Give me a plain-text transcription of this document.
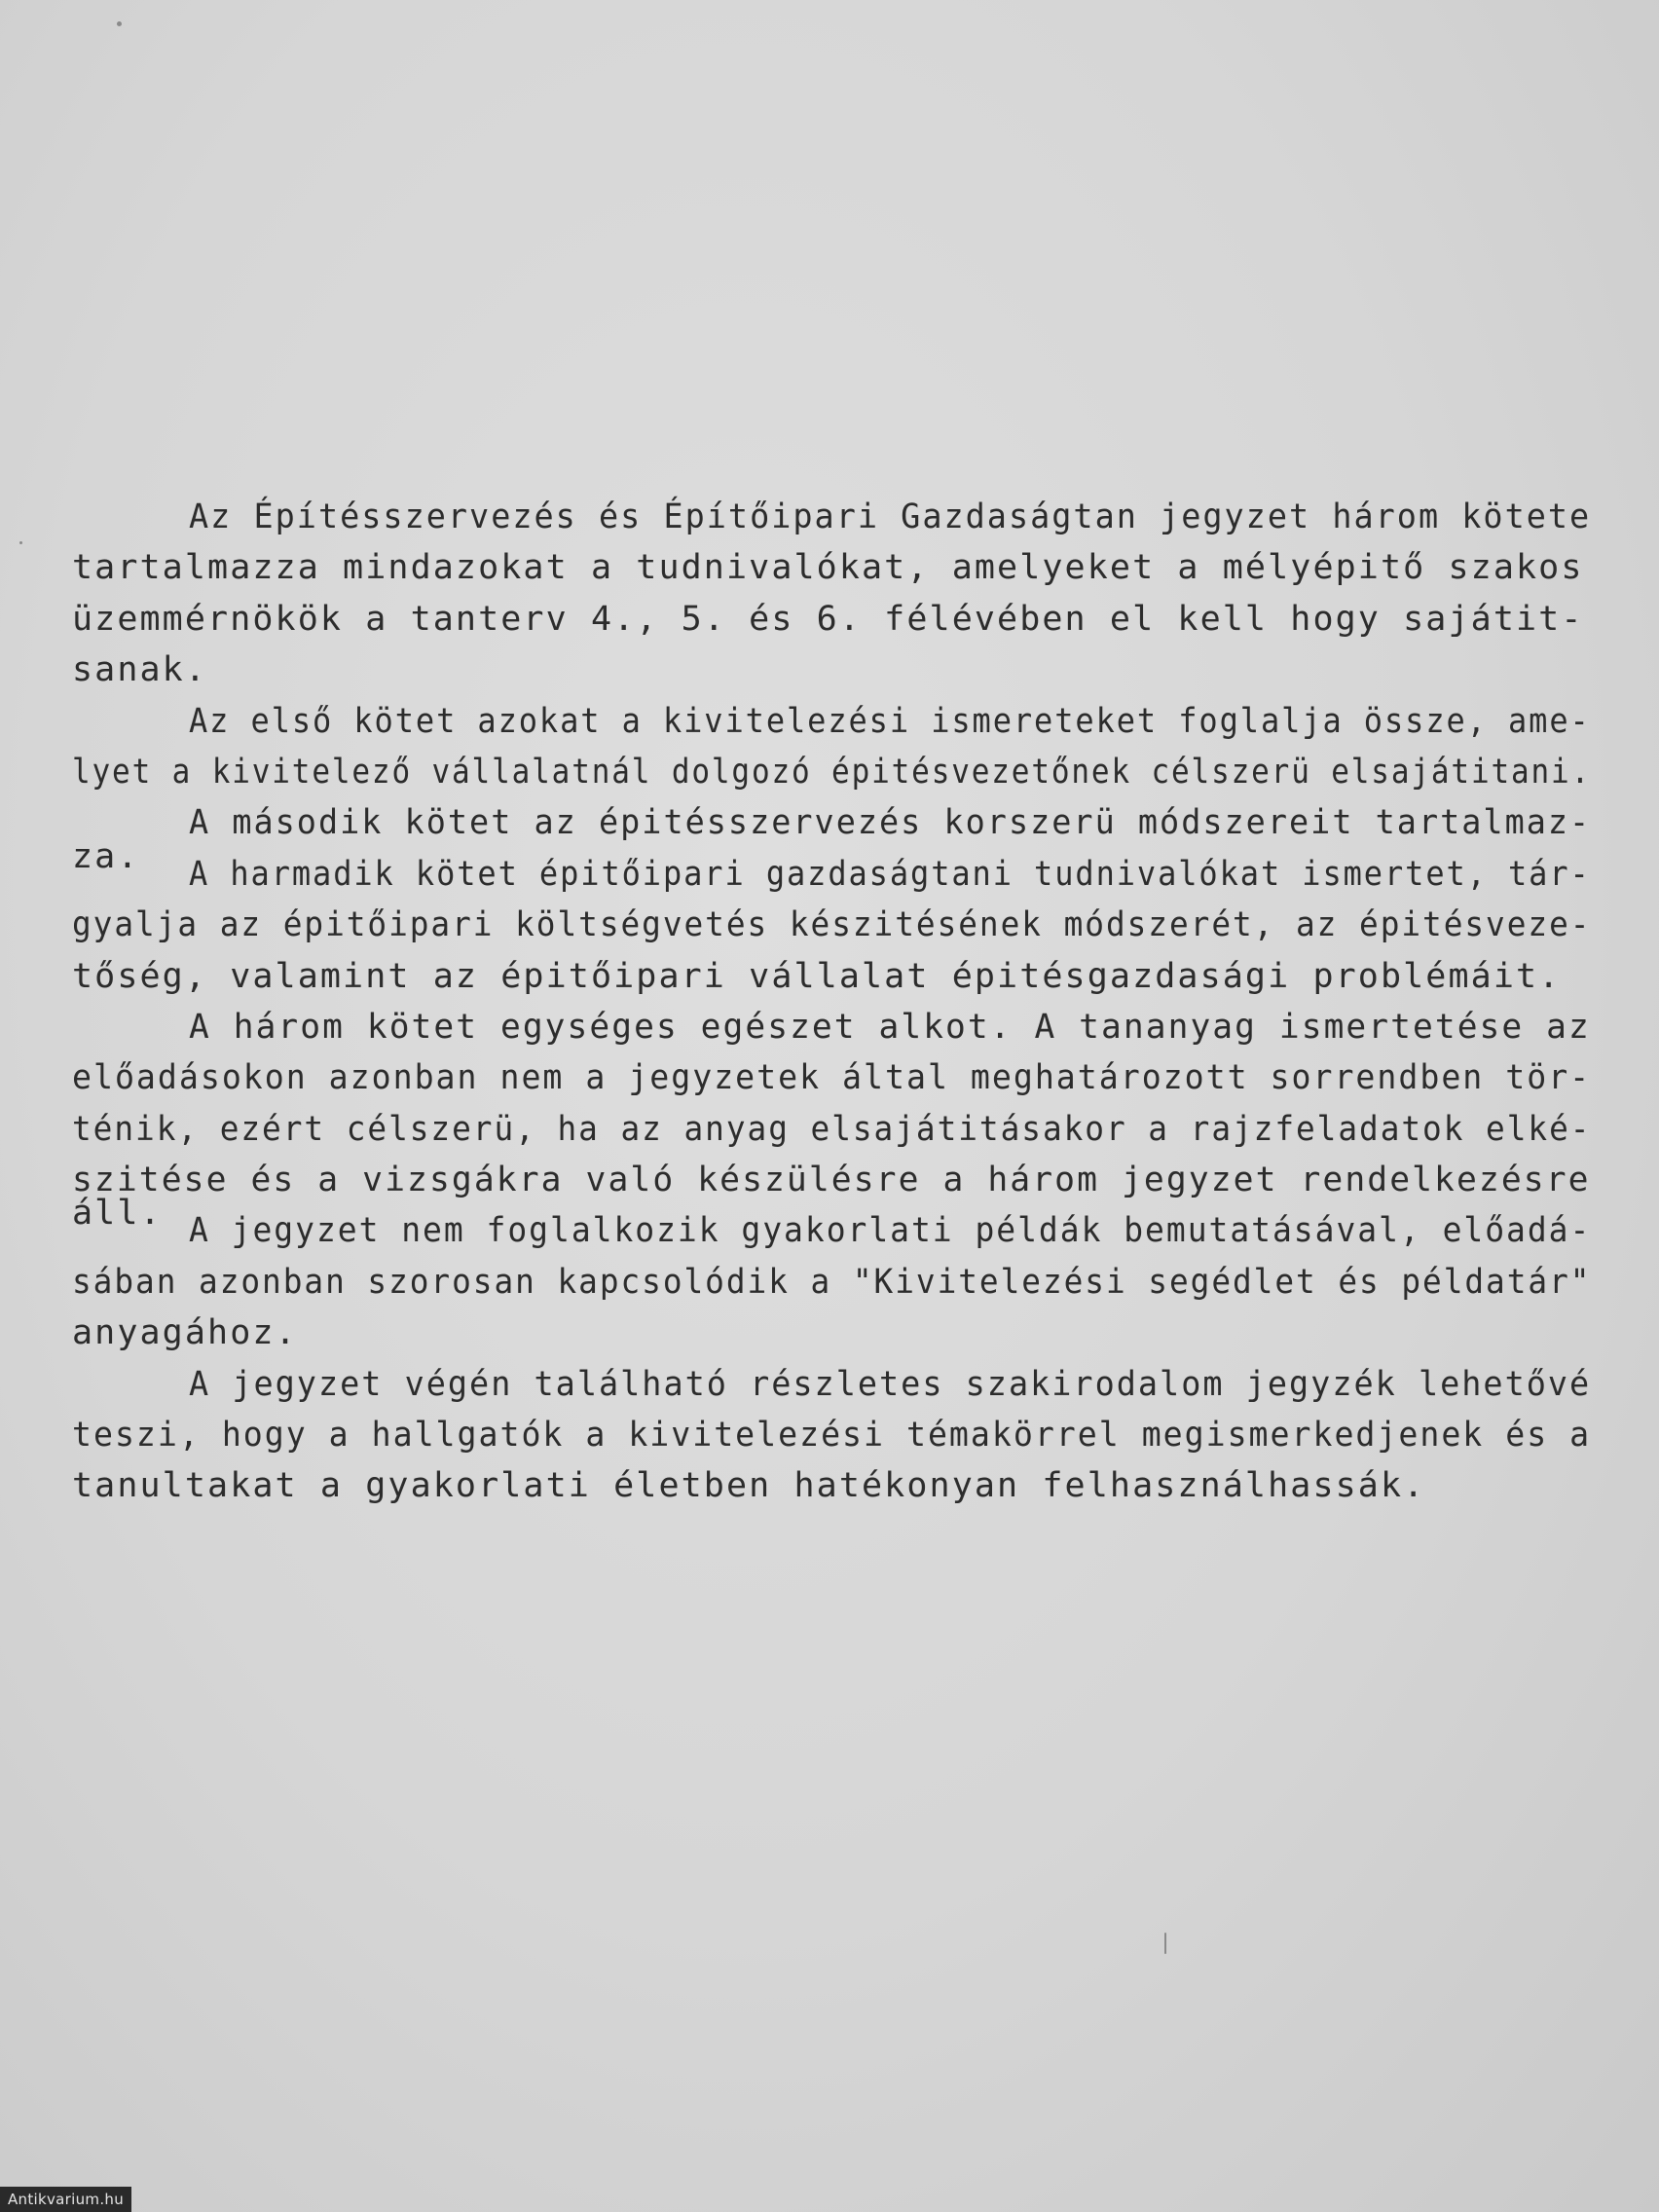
Az Építésszervezés és Építőipari Gazdaságtan jegyzet három kötete
tartalmazza mindazokat a tudnivalókat, amelyeket a mélyépitő szakos
üzemmérnökök a tanterv 4., 5. és 6. félévében el kell hogy sajátit-
sanak.
Az első kötet azokat a kivitelezési ismereteket foglalja össze, ame-
lyet a kivitelező vállalatnál dolgozó épitésvezetőnek célszerü elsajátitani.
A második kötet az épitésszervezés korszerü módszereit tartalmaz-
za. A harmadik kötet épitőipari gazdaságtani tudnivalókat ismertet, tár-
gyalja az épitőipari költségvetés készitésének módszerét, az épitésveze-
tőség, valamint az épitőipari vállalat épitésgazdasági problémáit.
A három kötet egységes egészet alkot. A tananyag ismertetése az
előadásokon azonban nem a jegyzetek által meghatározott sorrendben tör-
ténik, ezért célszerü, ha az anyag elsajátitásakor a rajzfeladatok elké-
szitése és a vizsgákra való készülésre a három jegyzet rendelkezésre
áll. A jegyzet nem foglalkozik gyakorlati példák bemutatásával, előadá-
sában azonban szorosan kapcsolódik a "Kivitelezési segédlet és példatár"
anyagához.
A jegyzet végén található részletes szakirodalom jegyzék lehetővé
teszi, hogy a hallgatók a kivitelezési témakörrel megismerkedjenek és a
tanultakat a gyakorlati életben hatékonyan felhasználhassák.
Antikvarium.hu
